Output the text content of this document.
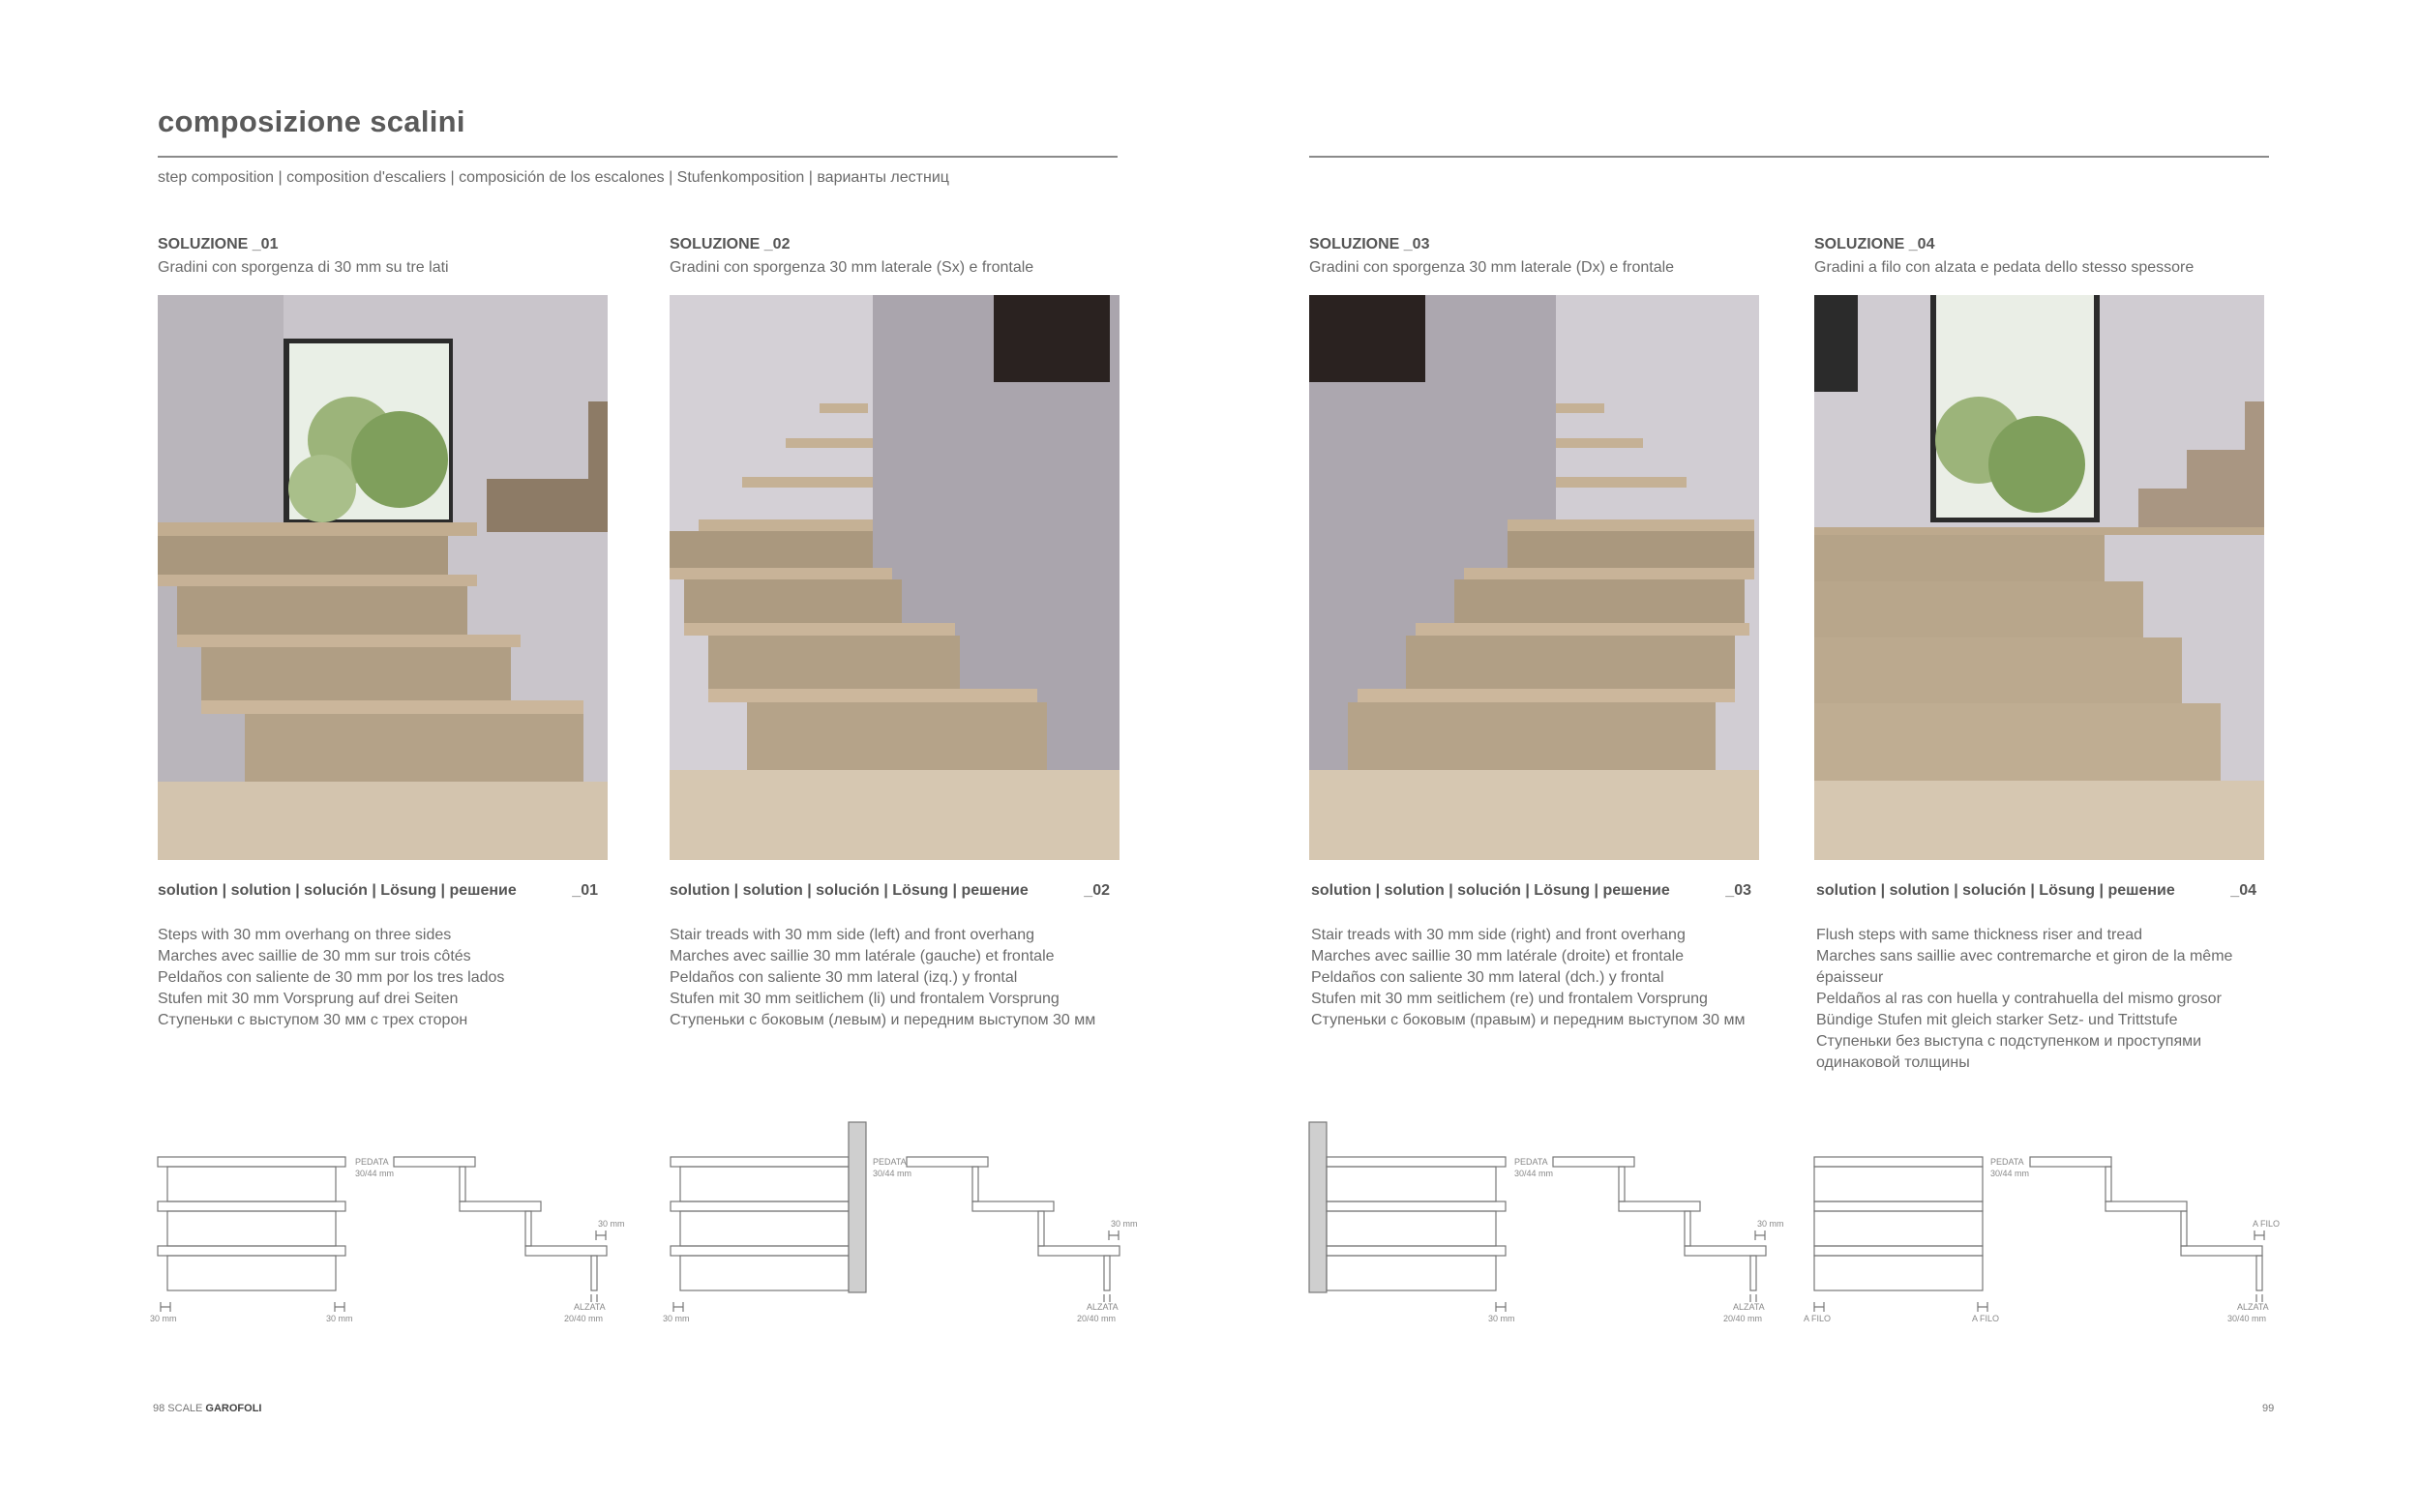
composizione scalini
step composition | composition d'escaliers | composición de los escalones | Stufenkomposition | варианты лестниц
SOLUZIONE _01
Gradini con sporgenza di 30 mm su tre lati
SOLUZIONE _02
Gradini con sporgenza 30 mm laterale (Sx) e frontale
SOLUZIONE _03
Gradini con sporgenza 30 mm laterale (Dx) e frontale
SOLUZIONE _04
Gradini a filo con alzata e pedata dello stesso spessore
solution | solution | solución | Lösung | решение	_01	solution | solution | solución | Lösung | решение	_02	solution | solution | solución | Lösung | решение	_03	solution | solution | solución | Lösung | решение	_04
Steps with 30 mm overhang on three sides
Marches avec saillie de 30 mm sur trois côtés
Peldaños con saliente de 30 mm por los tres lados
Stufen mit 30 mm Vorsprung auf drei Seiten
Ступеньки с выступом 30 мм с трех сторон
Stair treads with 30 mm side (left) and front overhang
Marches avec saillie 30 mm latérale (gauche) et frontale
Peldaños con saliente 30 mm lateral (izq.) y frontal
Stufen mit 30 mm seitlichem (li) und frontalem Vorsprung
Ступеньки с боковым (левым) и передним выступом 30 мм
Stair treads with 30 mm side (right) and front overhang
Marches avec saillie 30 mm latérale (droite) et frontale
Peldaños con saliente 30 mm lateral (dch.) y frontal
Stufen mit 30 mm seitlichem (re) und frontalem Vorsprung
Ступеньки с боковым (правым) и передним выступом 30 мм
Flush steps with same thickness riser and tread
Marches sans saillie avec contremarche et giron de la même épaisseur
Peldaños al ras con huella y contrahuella del mismo grosor
Bündige Stufen mit gleich starker Setz- und Trittstufe
Ступеньки без выступа с подступенком и проступями одинаковой толщины
PEDATA
30/44 mm
30 mm
ALZATA
20/40 mm
30 mm	30 mm
PEDATA
30/44 mm
30 mm
ALZATA
20/40 mm
30 mm
PEDATA
30/44 mm
30 mm
ALZATA
20/40 mm
30 mm
PEDATA
30/44 mm
A FILO
ALZATA
30/40 mm
A FILO	A FILO
98 SCALE GAROFOLI	99
